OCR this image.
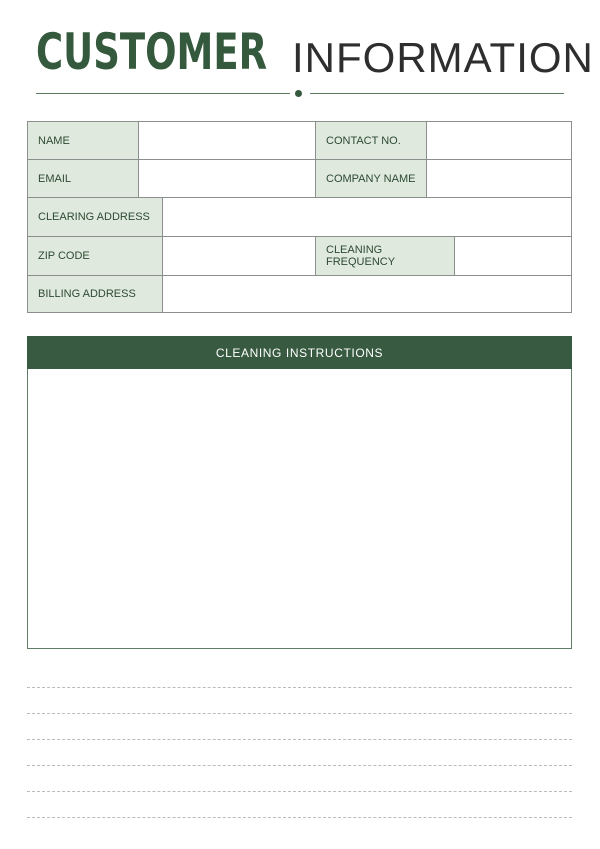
CUSTOMER INFORMATION
NAME	CONTACT NO.
EMAIL	COMPANY NAME
CLEARING ADDRESS
ZIP CODE	CLEANING FREQUENCY
BILLING ADDRESS
CLEANING INSTRUCTIONS
